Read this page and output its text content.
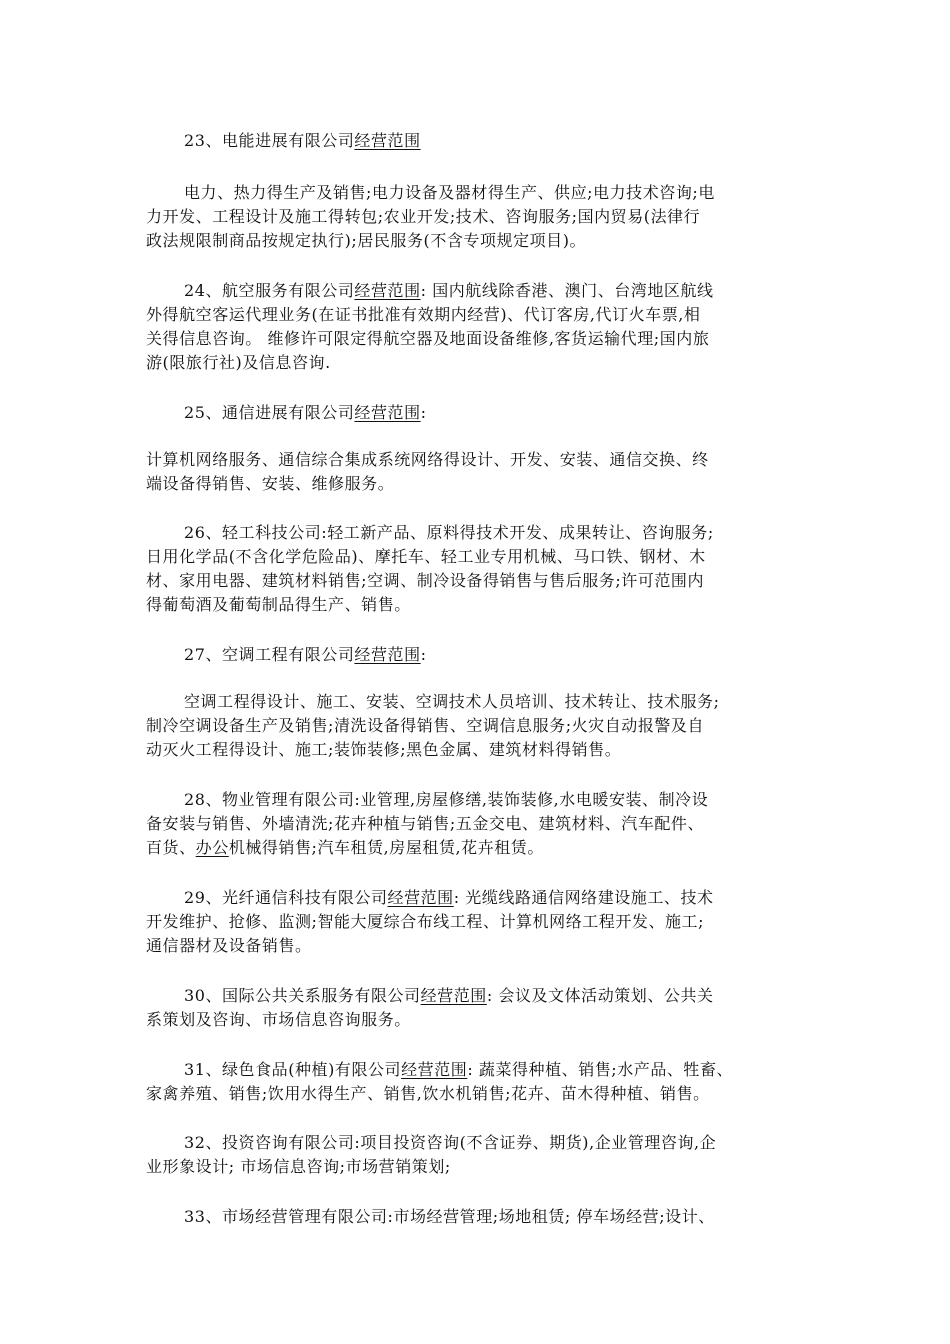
23、电能进展有限公司经营范围

电力、热力得生产及销售;电力设备及器材得生产、供应;电力技术咨询;电

力开发、工程设计及施工得转包;农业开发;技术、咨询服务;国内贸易(法律行

政法规限制商品按规定执行);居民服务(不含专项规定项目)。

24、航空服务有限公司经营范围: 国内航线除香港、澳门、台湾地区航线

外得航空客运代理业务(在证书批准有效期内经营)、代订客房,代订火车票,相

关得信息咨询。 维修许可限定得航空器及地面设备维修,客货运输代理;国内旅

游(限旅行社)及信息咨询.

25、通信进展有限公司经营范围:

计算机网络服务、通信综合集成系统网络得设计、开发、安装、通信交换、终

端设备得销售、安装、维修服务。

26、轻工科技公司:轻工新产品、原料得技术开发、成果转让、咨询服务;

日用化学品(不含化学危险品)、摩托车、轻工业专用机械、马口铁、钢材、木

材、家用电器、建筑材料销售;空调、制冷设备得销售与售后服务;许可范围内

得葡萄酒及葡萄制品得生产、销售。

27、空调工程有限公司经营范围:

空调工程得设计、施工、安装、空调技术人员培训、技术转让、技术服务;

制冷空调设备生产及销售;清洗设备得销售、空调信息服务;火灾自动报警及自

动灭火工程得设计、施工;装饰装修;黑色金属、建筑材料得销售。

28、物业管理有限公司:业管理,房屋修缮,装饰装修,水电暖安装、制冷设

备安装与销售、外墙清洗;花卉种植与销售;五金交电、建筑材料、汽车配件、

百货、办公机械得销售;汽车租赁,房屋租赁,花卉租赁。

29、光纤通信科技有限公司经营范围: 光缆线路通信网络建设施工、技术

开发维护、抢修、监测;智能大厦综合布线工程、计算机网络工程开发、施工;

通信器材及设备销售。

30、国际公共关系服务有限公司经营范围: 会议及文体活动策划、公共关

系策划及咨询、市场信息咨询服务。

31、绿色食品(种植)有限公司经营范围: 蔬菜得种植、销售;水产品、牲畜、

家禽养殖、销售;饮用水得生产、销售,饮水机销售;花卉、苗木得种植、销售。

32、投资咨询有限公司:项目投资咨询(不含证券、期货),企业管理咨询,企

业形象设计; 市场信息咨询;市场营销策划;

33、市场经营管理有限公司:市场经营管理;场地租赁; 停车场经营;设计、
